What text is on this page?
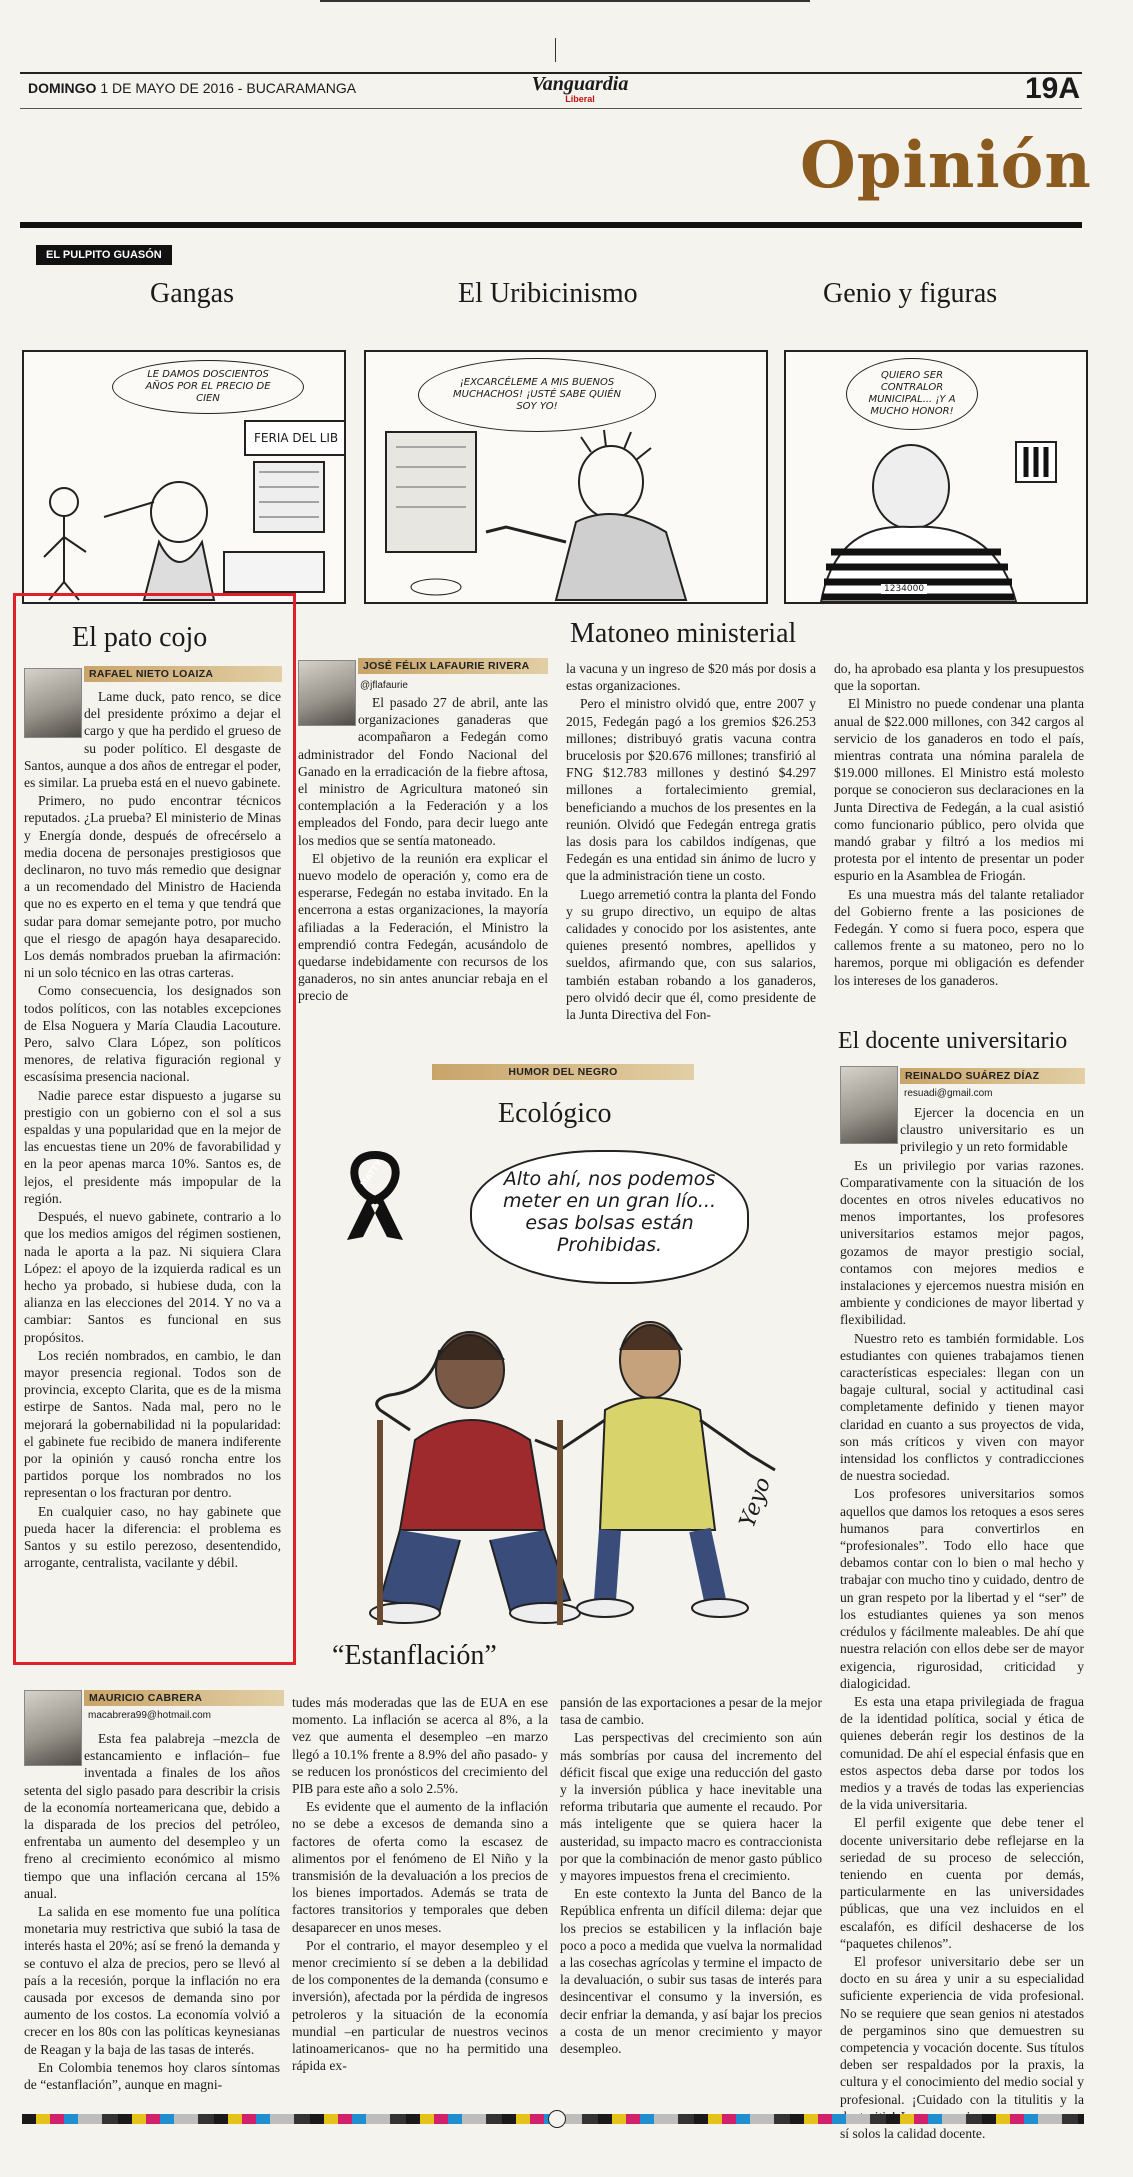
DOMINGO 1 DE MAYO DE 2016 - BUCARAMANGA	Vanguardia
Liberal	19A
Opinión
EL PULPITO GUASÓN
Gangas	El Uribicinismo	Genio y figuras
LE DAMOS DOSCIENTOS AÑOS POR EL PRECIO DE CIEN
FERIA DEL LIB
¡EXCARCÉLEME A MIS BUENOS MUCHACHOS! ¡USTÉ SABE QUIÉN SOY YO!
QUIERO SER CONTRALOR MUNICIPAL... ¡Y A MUCHO HONOR!
1234000
El pato cojo
RAFAEL NIETO LOAIZA

Lame duck, pato renco, se dice del presidente próximo a dejar el cargo y que ha perdido el grueso de su poder político. El desgaste de Santos, aunque a dos años de entregar el poder, es similar. La prueba está en el nuevo gabinete.

Primero, no pudo encontrar técnicos reputados. ¿La prueba? El ministerio de Minas y Energía donde, después de ofrecérselo a media docena de personajes prestigiosos que declinaron, no tuvo más remedio que designar a un recomendado del Ministro de Hacienda que no es experto en el tema y que tendrá que sudar para domar semejante potro, por mucho que el riesgo de apagón haya desaparecido. Los demás nombrados prueban la afirmación: ni un solo técnico en las otras carteras.

Como consecuencia, los designados son todos políticos, con las notables excepciones de Elsa Noguera y María Claudia Lacouture. Pero, salvo Clara López, son políticos menores, de relativa figuración regional y escasísima presencia nacional.

Nadie parece estar dispuesto a jugarse su prestigio con un gobierno con el sol a sus espaldas y una popularidad que en la mejor de las encuestas tiene un 20% de favorabilidad y en la peor apenas marca 10%. Santos es, de lejos, el presidente más impopular de la región.

Después, el nuevo gabinete, contrario a lo que los medios amigos del régimen sostienen, nada le aporta a la paz. Ni siquiera Clara López: el apoyo de la izquierda radical es un hecho ya probado, si hubiese duda, con la alianza en las elecciones del 2014. Y no va a cambiar: Santos es funcional en sus propósitos.

Los recién nombrados, en cambio, le dan mayor presencia regional. Todos son de provincia, excepto Clarita, que es de la misma estirpe de Santos. Nada mal, pero no le mejorará la gobernabilidad ni la popularidad: el gabinete fue recibido de manera indiferente por la opinión y causó roncha entre los partidos porque los nombrados no los representan o los fracturan por dentro.

En cualquier caso, no hay gabinete que pueda hacer la diferencia: el problema es Santos y su estilo perezoso, desentendido, arrogante, centralista, vacilante y débil.

Matoneo ministerial
JOSÉ FÉLIX LAFAURIE RIVERA
@jflafaurie

El pasado 27 de abril, ante las organizaciones ganaderas que acompañaron a Fedegán como administrador del Fondo Nacional del Ganado en la erradicación de la fiebre aftosa, el ministro de Agricultura matoneó sin contemplación a la Federación y a los empleados del Fondo, para decir luego ante los medios que se sentía matoneado.

El objetivo de la reunión era explicar el nuevo modelo de operación y, como era de esperarse, Fedegán no estaba invitado. En la encerrona a estas organizaciones, la mayoría afiliadas a la Federación, el Ministro la emprendió contra Fedegán, acusándolo de quedarse indebidamente con recursos de los ganaderos, no sin antes anunciar rebaja en el precio de

la vacuna y un ingreso de $20 más por dosis a estas organizaciones.

Pero el ministro olvidó que, entre 2007 y 2015, Fedegán pagó a los gremios $26.253 millones; distribuyó gratis vacuna contra brucelosis por $20.676 millones; transfirió al FNG $12.783 millones y destinó $4.297 millones a fortalecimiento gremial, beneficiando a muchos de los presentes en la reunión. Olvidó que Fedegán entrega gratis las dosis para los cabildos indígenas, que Fedegán es una entidad sin ánimo de lucro y que la administración tiene un costo.

Luego arremetió contra la planta del Fondo y su grupo directivo, un equipo de altas calidades y conocido por los asistentes, ante quienes presentó nombres, apellidos y sueldos, afirmando que, con sus salarios, también estaban robando a los ganaderos, pero olvidó decir que él, como presidente de la Junta Directiva del Fon-

do, ha aprobado esa planta y los presupuestos que la soportan.

El Ministro no puede condenar una planta anual de $22.000 millones, con 342 cargos al servicio de los ganaderos en todo el país, mientras contrata una nómina paralela de $19.000 millones. El Ministro está molesto porque se conocieron sus declaraciones en la Junta Directiva de Fedegán, a la cual asistió como funcionario público, pero olvida que mandó grabar y filtró a los medios mi protesta por el intento de presentar un poder espurio en la Asamblea de Friogán.

Es una muestra más del talante retaliador del Gobierno frente a las posiciones de Fedegán. Y como si fuera poco, espera que callemos frente a su matoneo, pero no lo haremos, porque mi obligación es defender los intereses de los ganaderos.

HUMOR DEL NEGRO
Ecológico
MATTY	Alto ahí, nos podemos
meter en un gran lío...
esas bolsas están
Prohibidas.
Yeyo
El docente universitario
REINALDO SUÁREZ DÍAZ
resuadi@gmail.com

Ejercer la docencia en un claustro universitario es un privilegio y un reto formidable

Es un privilegio por varias razones. Comparativamente con la situación de los docentes en otros niveles educativos no menos importantes, los profesores universitarios estamos mejor pagos, gozamos de mayor prestigio social, contamos con mejores medios e instalaciones y ejercemos nuestra misión en ambiente y condiciones de mayor libertad y flexibilidad.

Nuestro reto es también formidable. Los estudiantes con quienes trabajamos tienen características especiales: llegan con un bagaje cultural, social y actitudinal casi completamente definido y tienen mayor claridad en cuanto a sus proyectos de vida, son más críticos y viven con mayor intensidad los conflictos y contradicciones de nuestra sociedad.

Los profesores universitarios somos aquellos que damos los retoques a esos seres humanos para convertirlos en “profesionales”. Todo ello hace que debamos contar con lo bien o mal hecho y trabajar con mucho tino y cuidado, dentro de un gran respeto por la libertad y el “ser” de los estudiantes quienes ya son menos crédulos y fácilmente maleables. De ahí que nuestra relación con ellos debe ser de mayor exigencia, rigurosidad, criticidad y dialogicidad.

Es esta una etapa privilegiada de fragua de la identidad política, social y ética de quienes deberán regir los destinos de la comunidad. De ahí el especial énfasis que en estos aspectos deba darse por todos los medios y a través de todas las experiencias de la vida universitaria.

El perfil exigente que debe tener el docente universitario debe reflejarse en la seriedad de su proceso de selección, teniendo en cuenta por demás, particularmente en las universidades públicas, que una vez incluidos en el escalafón, es difícil deshacerse de los “paquetes chilenos”.

El profesor universitario debe ser un docto en su área y unir a su especialidad suficiente experiencia de vida profesional. No se requiere que sean genios ni atestados de pergaminos sino que demuestren su competencia y vocación docente. Sus títulos deben ser respaldados por la praxis, la cultura y el conocimiento del medio social y profesional. ¡Cuidado con la titulitis y la sí solos la calidad docente.

“Estanflación”
MAURICIO CABRERA
macabrera99@hotmail.com

Esta fea palabreja –mezcla de estancamiento e inflación– fue inventada a finales de los años setenta del siglo pasado para describir la crisis de la economía norteamericana que, debido a la disparada de los precios del petróleo, enfrentaba un aumento del desempleo y un freno al crecimiento económico al mismo tiempo que una inflación cercana al 15% anual.

La salida en ese momento fue una política monetaria muy restrictiva que subió la tasa de interés hasta el 20%; así se frenó la demanda y se contuvo el alza de precios, pero se llevó al país a la recesión, porque la inflación no era causada por excesos de demanda sino por aumento de los costos. La economía volvió a crecer en los 80s con las políticas keynesianas de Reagan y la baja de las tasas de interés.

En Colombia tenemos hoy claros síntomas de “estanflación”, aunque en magni-

tudes más moderadas que las de EUA en ese momento. La inflación se acerca al 8%, a la vez que aumenta el desempleo –en marzo llegó a 10.1% frente a 8.9% del año pasado- y se reducen los pronósticos del crecimiento del PIB para este año a solo 2.5%.

Es evidente que el aumento de la inflación no se debe a excesos de demanda sino a factores de oferta como la escasez de alimentos por el fenómeno de El Niño y la transmisión de la devaluación a los precios de los bienes importados. Además se trata de factores transitorios y temporales que deben desaparecer en unos meses.

Por el contrario, el mayor desempleo y el menor crecimiento sí se deben a la debilidad de los componentes de la demanda (consumo e inversión), afectada por la pérdida de ingresos petroleros y la situación de la economía mundial –en particular de nuestros vecinos latinoamericanos- que no ha permitido una rápida ex-

pansión de las exportaciones a pesar de la mejor tasa de cambio.

Las perspectivas del crecimiento son aún más sombrías por causa del incremento del déficit fiscal que exige una reducción del gasto y la inversión pública y hace inevitable una reforma tributaria que aumente el recaudo. Por más inteligente que se quiera hacer la austeridad, su impacto macro es contraccionista por que la combinación de menor gasto público y mayores impuestos frena el crecimiento.

En este contexto la Junta del Banco de la República enfrenta un difícil dilema: dejar que los precios se estabilicen y la inflación baje poco a poco a medida que vuelva la normalidad a las cosechas agrícolas y termine el impacto de la devaluación, o subir sus tasas de interés para desincentivar el consumo y la inversión, es decir enfriar la demanda, y así bajar los precios a costa de un menor crecimiento y mayor desempleo.
